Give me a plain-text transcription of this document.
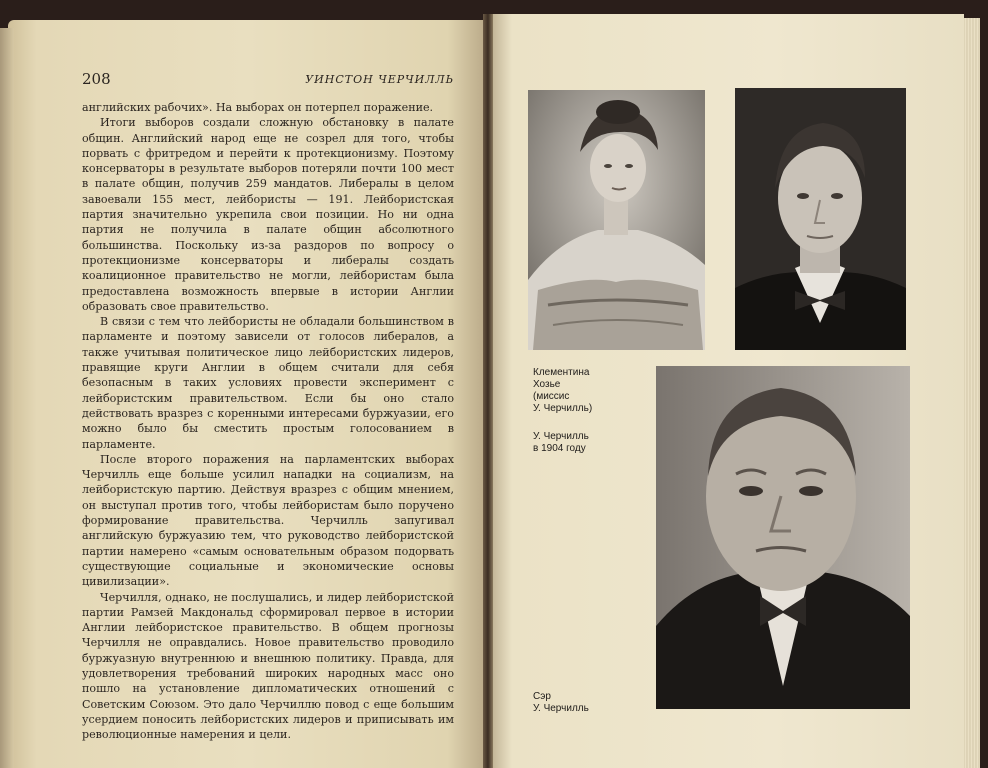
208	УИНСТОН ЧЕРЧИЛЛЬ

английских рабочих». На выборах он потерпел поражение.

Итоги выборов создали сложную обстановку в палате общин. Английский народ еще не созрел для того, чтобы порвать с фритредом и перейти к протекционизму. Поэтому консерваторы в результате выборов потеряли почти 100 мест в палате общин, получив 259 мандатов. Либералы в целом завоевали 155 мест, лейбористы — 191. Лейбористская партия значительно укрепила свои позиции. Но ни одна партия не получила в палате общин абсолютного большинства. Поскольку из-за раздоров по вопросу о протекционизме консерваторы и либералы создать коалиционное правительство не могли, лейбористам была предоставлена возможность впервые в истории Англии образовать свое правительство.

В связи с тем что лейбористы не обладали большинством в парламенте и поэтому зависели от голосов либералов, а также учитывая политическое лицо лейбористских лидеров, правящие круги Англии в общем считали для себя безопасным в таких условиях провести эксперимент с лейбористским правительством. Если бы оно стало действовать вразрез с коренными интересами буржуазии, его можно было бы сместить простым голосованием в парламенте.

После второго поражения на парламентских выборах Черчилль еще больше усилил нападки на социализм, на лейбористскую партию. Действуя вразрез с общим мнением, он выступал против того, чтобы лейбористам было поручено формирование правительства. Черчилль запугивал английскую буржуазию тем, что руководство лейбористской партии намерено «самым основательным образом подорвать существующие социальные и экономические основы цивилизации».

Черчилля, однако, не послушались, и лидер лейбористской партии Рамзей Макдональд сформировал первое в истории Англии лейбористское правительство. В общем прогнозы Черчилля не оправдались. Новое правительство проводило буржуазную внутреннюю и внешнюю политику. Правда, для удовлетворения требований широких народных масс оно пошло на установление дипломатических отношений с Советским Союзом. Это дало Черчиллю повод с еще большим усердием поносить лейбористских лидеров и приписывать им революционные намерения и цели.

Клементина
Хозье
(миссис
У. Черчилль)
У. Черчилль
в 1904 году
Сэр
У. Черчилль
